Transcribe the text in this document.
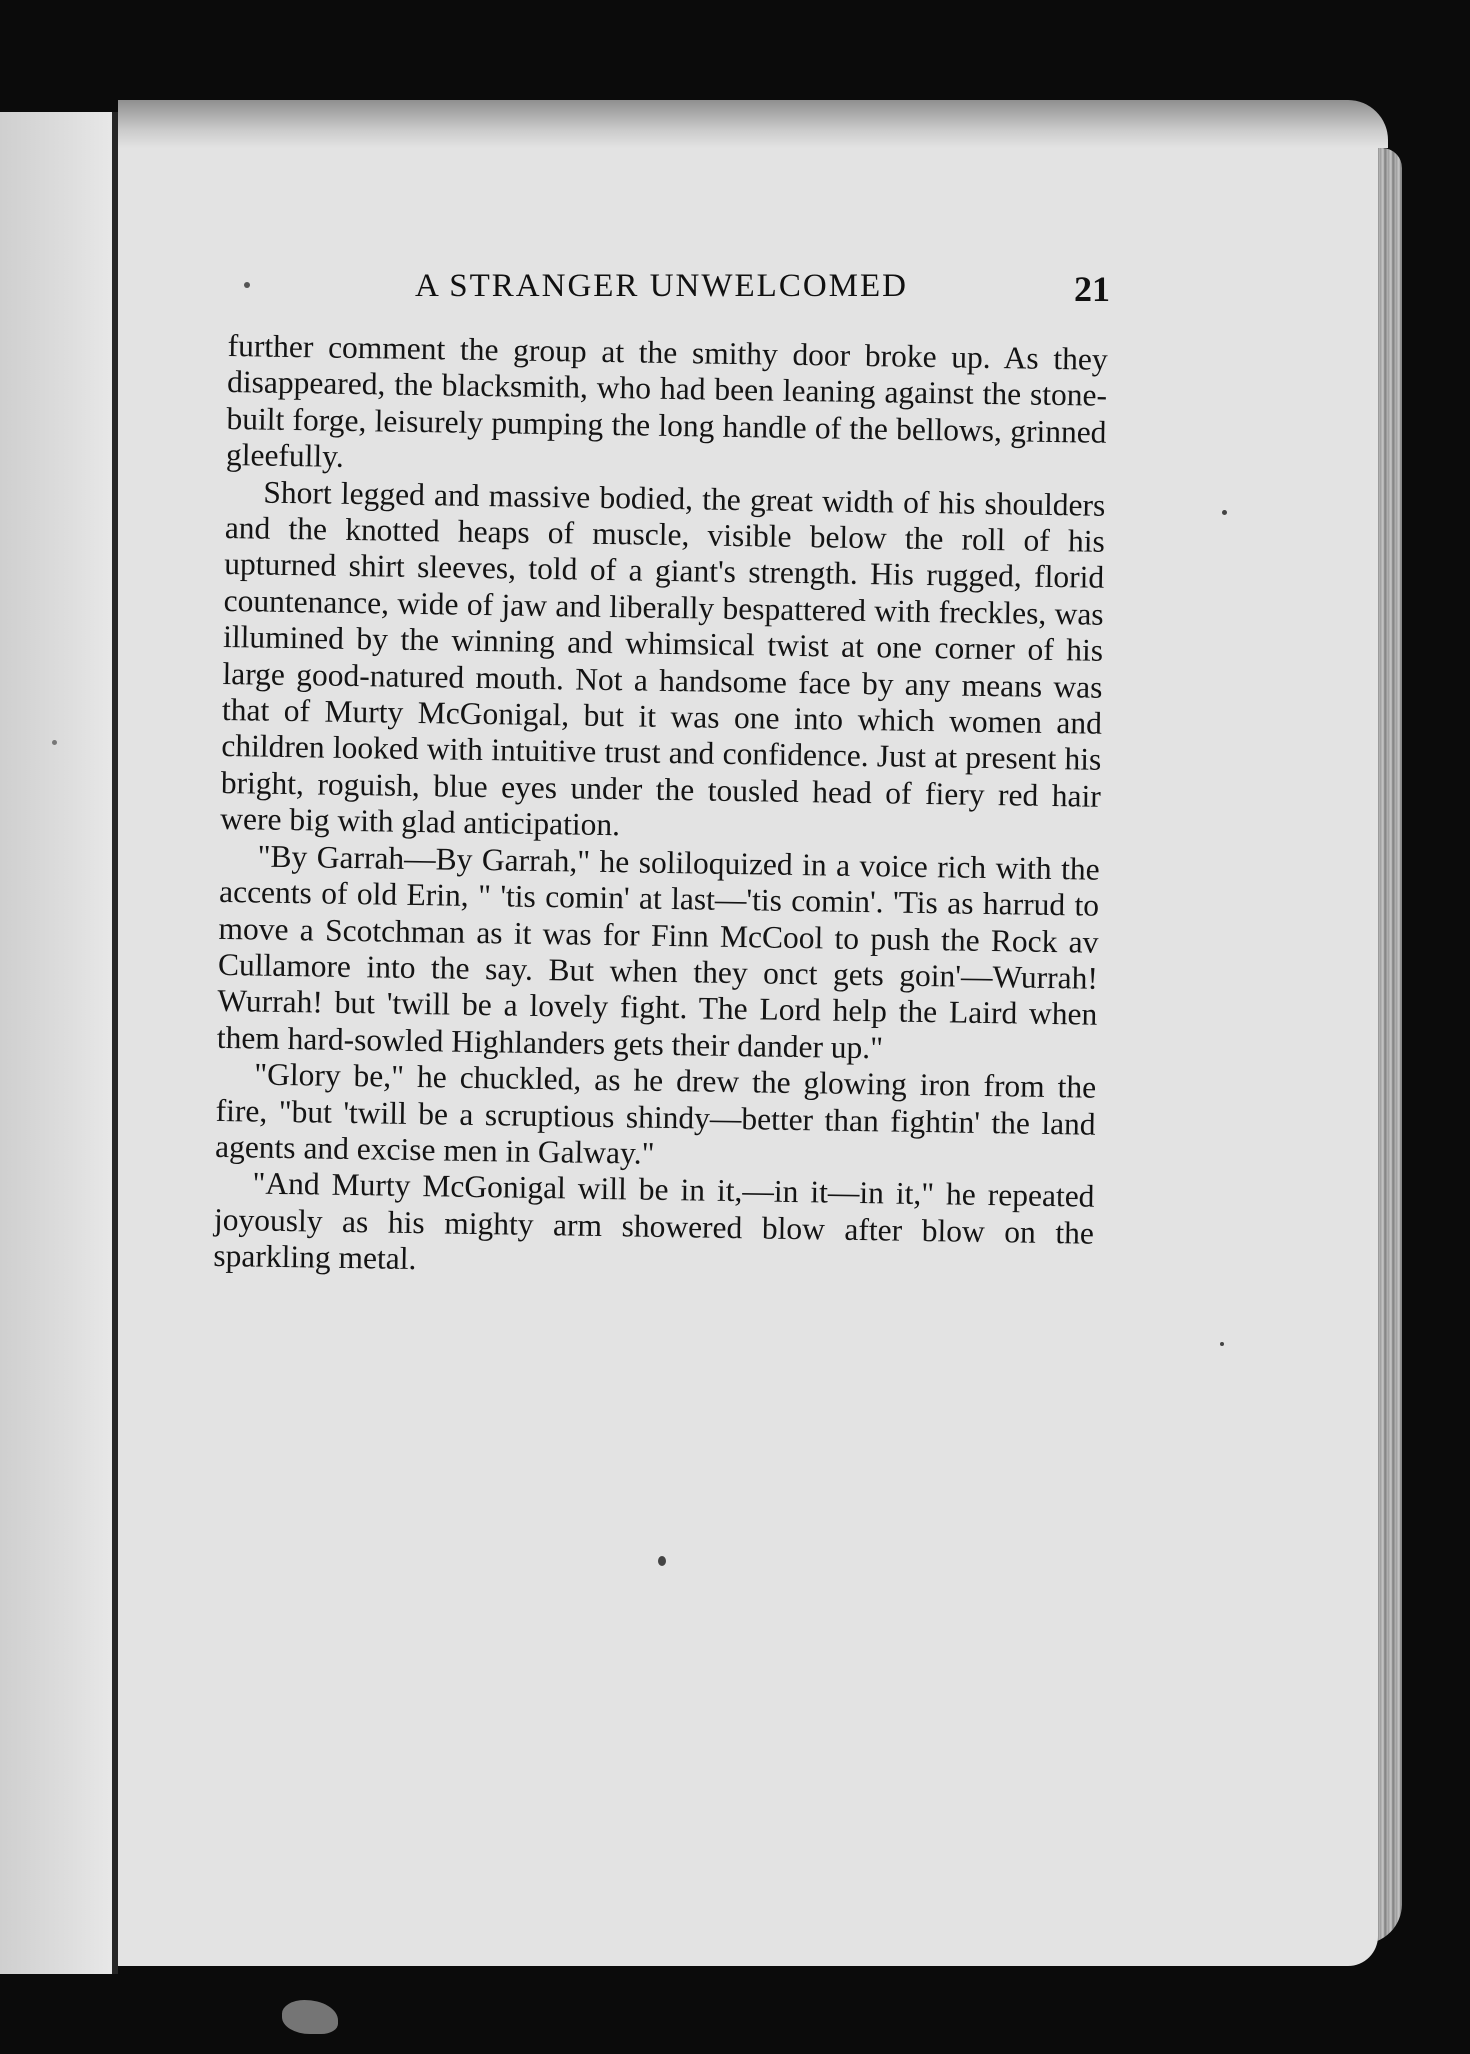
A STRANGER UNWELCOMED	21

further comment the group at the smithy door broke up. As they disappeared, the blacksmith, who had been leaning against the stone-built forge, leisurely pumping the long handle of the bellows, grinned gleefully.

Short legged and massive bodied, the great width of his shoulders and the knotted heaps of muscle, visible below the roll of his upturned shirt sleeves, told of a giant's strength. His rugged, florid countenance, wide of jaw and liberally bespattered with freckles, was illumined by the winning and whimsical twist at one corner of his large good-natured mouth. Not a handsome face by any means was that of Murty McGonigal, but it was one into which women and children looked with intuitive trust and confidence. Just at present his bright, roguish, blue eyes under the tousled head of fiery red hair were big with glad anticipation.

"By Garrah—By Garrah," he soliloquized in a voice rich with the accents of old Erin, " 'tis comin' at last—'tis comin'. 'Tis as harrud to move a Scotchman as it was for Finn McCool to push the Rock av Cullamore into the say. But when they onct gets goin'—Wurrah! Wurrah! but 'twill be a lovely fight. The Lord help the Laird when them hard-sowled Highlanders gets their dander up."

"Glory be," he chuckled, as he drew the glowing iron from the fire, "but 'twill be a scruptious shindy—better than fightin' the land agents and excise men in Galway."

"And Murty McGonigal will be in it,—in it—in it," he repeated joyously as his mighty arm showered blow after blow on the sparkling metal.
